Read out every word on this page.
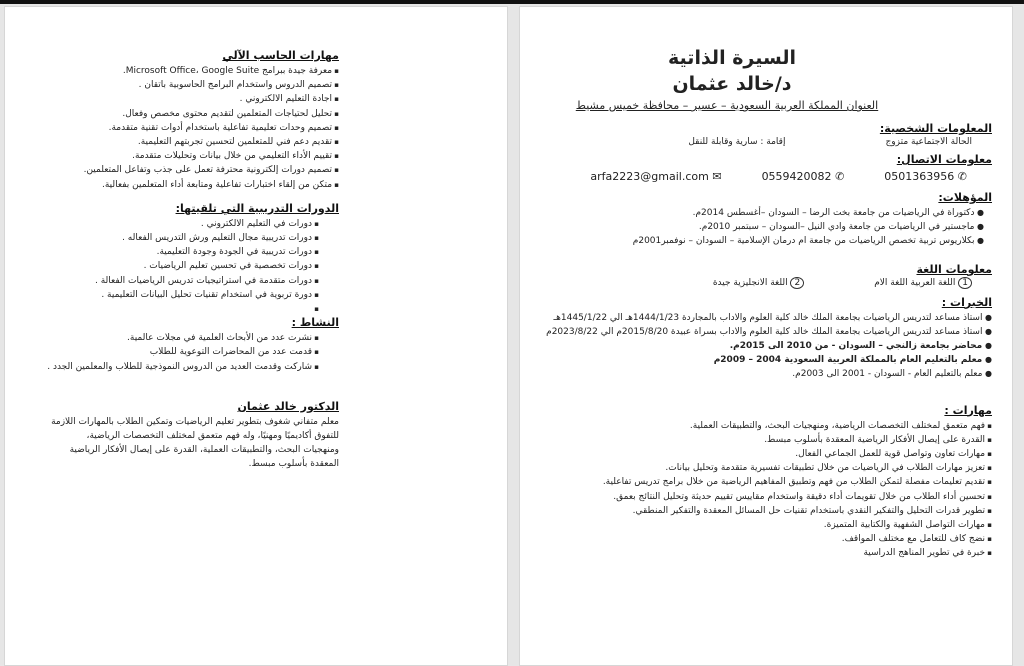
مهارات الحاسب الآلي
▪ معرفة جيدة ببرامج Microsoft Office، Google Suite.
▪ تصميم الدروس واستخدام البرامج الحاسوبية باتقان .
▪ اجادة التعليم الالكتروني .
▪ تحليل لحتياجات المتعلمين لتقديم محتوى مخصص وفعال.
▪ تصميم وحدات تعليمية تفاعلية باستخدام أدوات تقنية متقدمة.
▪ تقديم دعم فني للمتعلمين لتحسين تجربتهم التعليمية.
▪ تقييم الأداء التعليمي من خلال بيانات وتحليلات متقدمة.
▪ تصميم دورات إلكترونية محترفة تعمل على جذب وتفاعل المتعلمين.
▪ متكن من إلقاء اختبارات تفاعلية ومتابعة أداء المتعلمين بفعالية.
الدورات التدريبية التي تلقيتها:
▪ دورات في التعليم الالكتروني .
▪ دورات تدريبية مجال التعليم ورش التدريس الفعاله .
▪ دورات تدريبية في الجودة وجودة التعليمية.
▪ دورات تخصصية في تحسين تعليم الرياضيات .
▪ دورات متقدمة في استراتيجيات تدريس الرياضيات الفعالة .
▪ دورة تربوية في استخدام تقنيات تحليل البيانات التعليمية .
▪
النشاط :
▪ نشرت عدد من الأبحاث العلمية في مجلات عالمية.
▪ قدمت عدد من المحاضرات التوعوية للطلاب
▪ شاركت وقدمت العديد من الدروس النموذجية للطلاب والمعلمين الجدد .
الدكتور خالد عثمان

معلم متفاني شغوف بتطوير تعليم الرياضيات وتمكين الطلاب بالمهارات اللازمة للتفوق أكاديميًا ومهنيًا، وله فهم متعمق لمختلف التخصصات الرياضية، ومنهجيات البحث، والتطبيقات العملية، القدرة على إيصال الأفكار الرياضية المعقدة بأسلوب مبسط.

السيرة الذاتية
د/خالد عثمان
العنوان المملكة العربية السعودية – عسير – محافظة خميس مشيط
المعلومات الشخصية:
الحالة الاجتماعية متزوج
إقامة : سارية وقابلة للنقل
معلومات الاتصال:
arfa2223@gmail.com ✉	0559420082 ✆	0501363956 ✆
المؤهلات:
● دكتوراة في الرياضيات من جامعة بخت الرضا – السودان –أغسطس 2014م.
● ماجستير في الرياضيات من جامعة وادي النيل –السودان – سبتمبر 2010م.
● بكلاريوس تربية تخصص الرياضيات من جامعة ام درمان الإسلامية – السودان – نوفمبر2001م
معلومات اللغة
1 اللغة العربية اللغة الام
2 اللغة الانجليزية جيدة
الخبرات :
● استاذ مساعد لتدريس الرياضيات بجامعة الملك خالد كلية العلوم والاداب بالمجاردة 1444/1/23هـ الي 1445/1/22هـ
● استاذ مساعد لتدريس الرياضيات بجامعة الملك خالد كلية العلوم والاداب بسراة عبيدة 2015/8/20م الي 2023/8/22م
● محاضر بجامعة زالنجي – السودان - من 2010 الى 2015م.
● معلم بالتعليم العام بالمملكة العربية السعودية 2004 – 2009م
● معلم بالتعليم العام - السودان - 2001 الى 2003م.
مهارات :
▪ فهم متعمق لمختلف التخصصات الرياضية، ومنهجيات البحث، والتطبيقات العملية.
▪ القدرة على إيصال الأفكار الرياضية المعقدة بأسلوب مبسط.
▪ مهارات تعاون وتواصل قوية للعمل الجماعي الفعال.
▪ تعزيز مهارات الطلاب في الرياضيات من خلال تطبيقات تفسيرية متقدمة وتحليل بيانات.
▪ تقديم تعليمات مفصلة لتمكن الطلاب من فهم وتطبيق المفاهيم الرياضية من خلال برامج تدريس تفاعلية.
▪ تحسين أداء الطلاب من خلال تقويمات أداء دقيقة واستخدام مقاييس تقييم حديثة وتحليل النتائج بعمق.
▪ تطوير قدرات التحليل والتفكير النقدي باستخدام تقنيات حل المسائل المعقدة والتفكير المنطقي.
▪ مهارات التواصل الشفهية والكتابية المتميزة.
▪ نضج كاف للتعامل مع مختلف المواقف.
▪ خبرة في تطوير المناهج الدراسية
